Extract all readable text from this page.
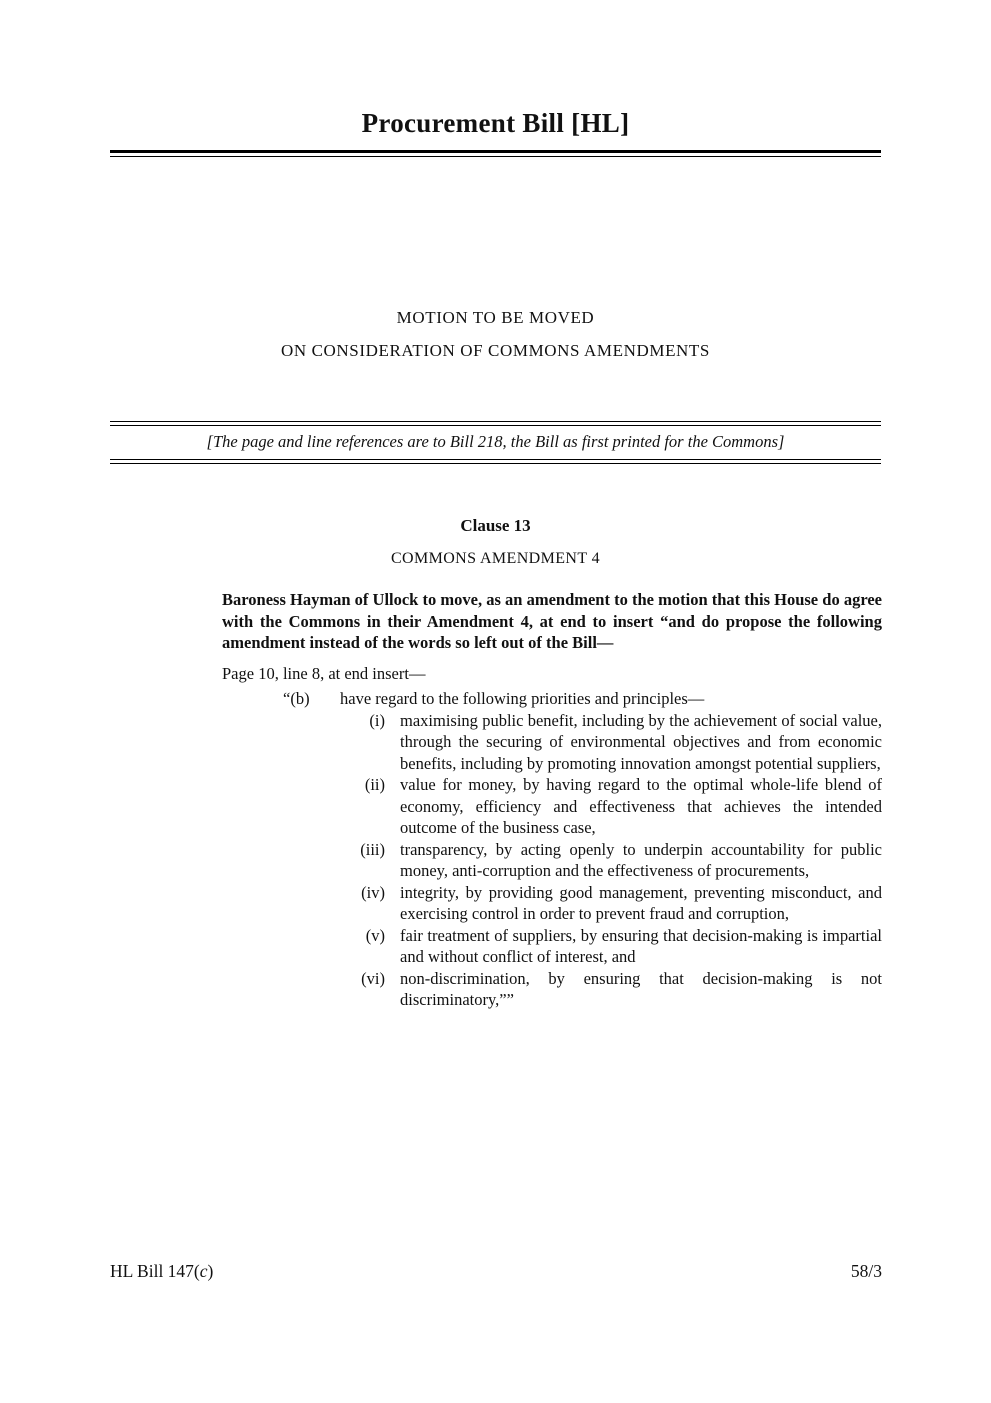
Procurement Bill [HL]
MOTION TO BE MOVED
ON CONSIDERATION OF COMMONS AMENDMENTS
[The page and line references are to Bill 218, the Bill as first printed for the Commons]
Clause 13
COMMONS AMENDMENT 4

Baroness Hayman of Ullock to move, as an amendment to the motion that this House do agree with the Commons in their Amendment 4, at end to insert “and do propose the following amendment instead of the words so left out of the Bill—

Page 10, line 8, at end insert—

“(b)	have regard to the following priorities and principles—
(i) maximising public benefit, including by the achievement of social value, through the securing of environmental objectives and from economic benefits, including by promoting innovation amongst potential suppliers,
(ii) value for money, by having regard to the optimal whole-life blend of economy, efficiency and effectiveness that achieves the intended outcome of the business case,
(iii) transparency, by acting openly to underpin accountability for public money, anti-corruption and the effectiveness of procurements,
(iv) integrity, by providing good management, preventing misconduct, and exercising control in order to prevent fraud and corruption,
(v) fair treatment of suppliers, by ensuring that decision-making is impartial and without conflict of interest, and
(vi) non-discrimination, by ensuring that decision-making is not discriminatory,””
HL Bill 147(c)	58/3
